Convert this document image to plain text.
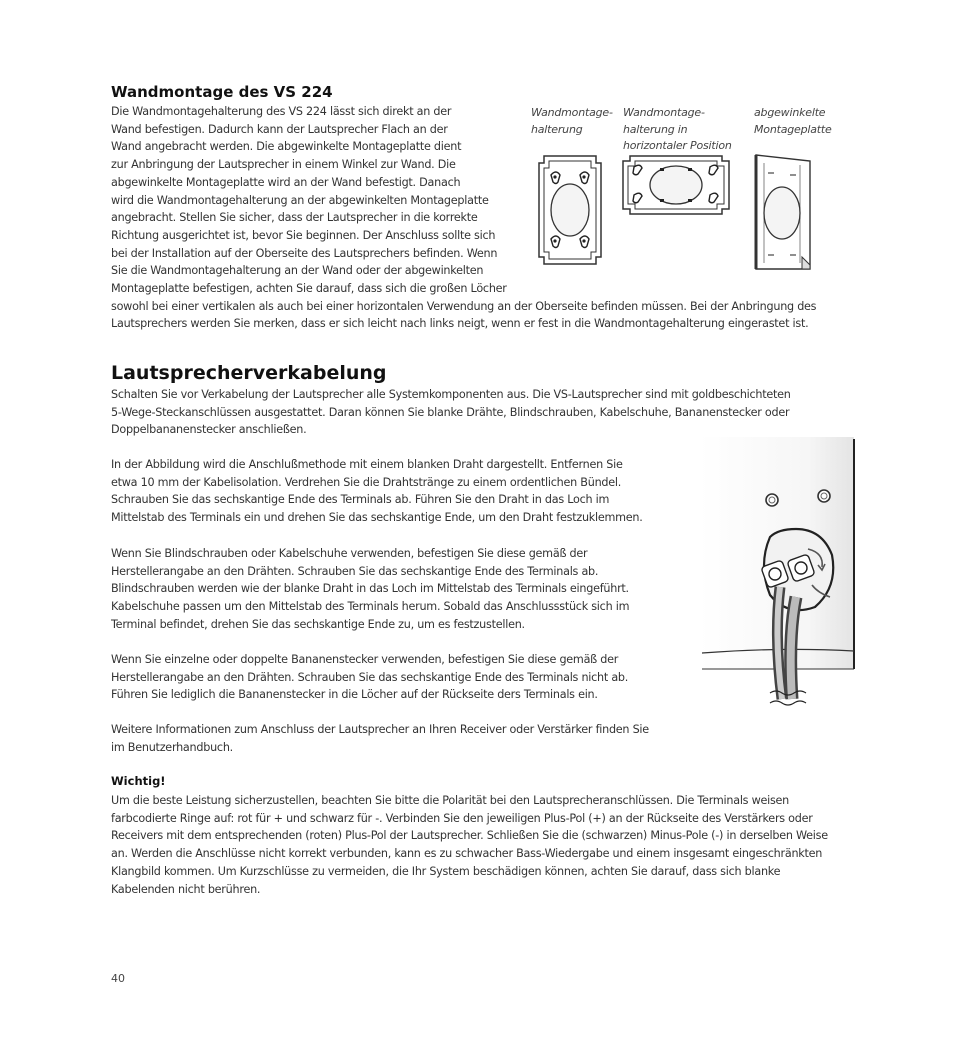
Wandmontage des VS 224
Die Wandmontagehalterung des VS 224 lässt sich direkt an der
Wand befestigen. Dadurch kann der Lautsprecher Flach an der
Wand angebracht werden. Die abgewinkelte Montageplatte dient
zur Anbringung der Lautsprecher in einem Winkel zur Wand. Die
abgewinkelte Montageplatte wird an der Wand befestigt. Danach
wird die Wandmontagehalterung an der abgewinkelten Montageplatte
angebracht. Stellen Sie sicher, dass der Lautsprecher in die korrekte
Richtung ausgerichtet ist, bevor Sie beginnen. Der Anschluss sollte sich
bei der Installation auf der Oberseite des Lautsprechers befinden. Wenn
Sie die Wandmontagehalterung an der Wand oder der abgewinkelten
Montageplatte befestigen, achten Sie darauf, dass sich die großen Löcher
sowohl bei einer vertikalen als auch bei einer horizontalen Verwendung an der Oberseite befinden müssen. Bei der Anbringung des
Lautsprechers werden Sie merken, dass er sich leicht nach links neigt, wenn er fest in die Wandmontagehalterung eingerastet ist.
Wandmontage-
halterung
Wandmontage-
halterung in
horizontaler Position
abgewinkelte
Montageplatte
Lautsprecherverkabelung
Schalten Sie vor Verkabelung der Lautsprecher alle Systemkomponenten aus. Die VS-Lautsprecher sind mit goldbeschichteten
5-Wege-Steckanschlüssen ausgestattet. Daran können Sie blanke Drähte, Blindschrauben, Kabelschuhe, Bananenstecker oder
Doppelbananenstecker anschließen.
In der Abbildung wird die Anschlußmethode mit einem blanken Draht dargestellt. Entfernen Sie
etwa 10 mm der Kabelisolation. Verdrehen Sie die Drahtstränge zu einem ordentlichen Bündel.
Schrauben Sie das sechskantige Ende des Terminals ab. Führen Sie den Draht in das Loch im
Mittelstab des Terminals ein und drehen Sie das sechskantige Ende, um den Draht festzuklemmen.
Wenn Sie Blindschrauben oder Kabelschuhe verwenden, befestigen Sie diese gemäß der
Herstellerangabe an den Drähten. Schrauben Sie das sechskantige Ende des Terminals ab.
Blindschrauben werden wie der blanke Draht in das Loch im Mittelstab des Terminals eingeführt.
Kabelschuhe passen um den Mittelstab des Terminals herum. Sobald das Anschlussstück sich im
Terminal befindet, drehen Sie das sechskantige Ende zu, um es festzustellen.
Wenn Sie einzelne oder doppelte Bananenstecker verwenden, befestigen Sie diese gemäß der
Herstellerangabe an den Drähten. Schrauben Sie das sechskantige Ende des Terminals nicht ab.
Führen Sie lediglich die Bananenstecker in die Löcher auf der Rückseite ders Terminals ein.
Weitere Informationen zum Anschluss der Lautsprecher an Ihren Receiver oder Verstärker finden Sie
im Benutzerhandbuch.
Wichtig!
Um die beste Leistung sicherzustellen, beachten Sie bitte die Polarität bei den Lautsprecheranschlüssen. Die Terminals weisen
farbcodierte Ringe auf: rot für + und schwarz für -. Verbinden Sie den jeweiligen Plus-Pol (+) an der Rückseite des Verstärkers oder
Receivers mit dem entsprechenden (roten) Plus-Pol der Lautsprecher. Schließen Sie die (schwarzen) Minus-Pole (-) in derselben Weise
an. Werden die Anschlüsse nicht korrekt verbunden, kann es zu schwacher Bass-Wiedergabe und einem insgesamt eingeschränkten
Klangbild kommen. Um Kurzschlüsse zu vermeiden, die Ihr System beschädigen können, achten Sie darauf, dass sich blanke
Kabelenden nicht berühren.
40
